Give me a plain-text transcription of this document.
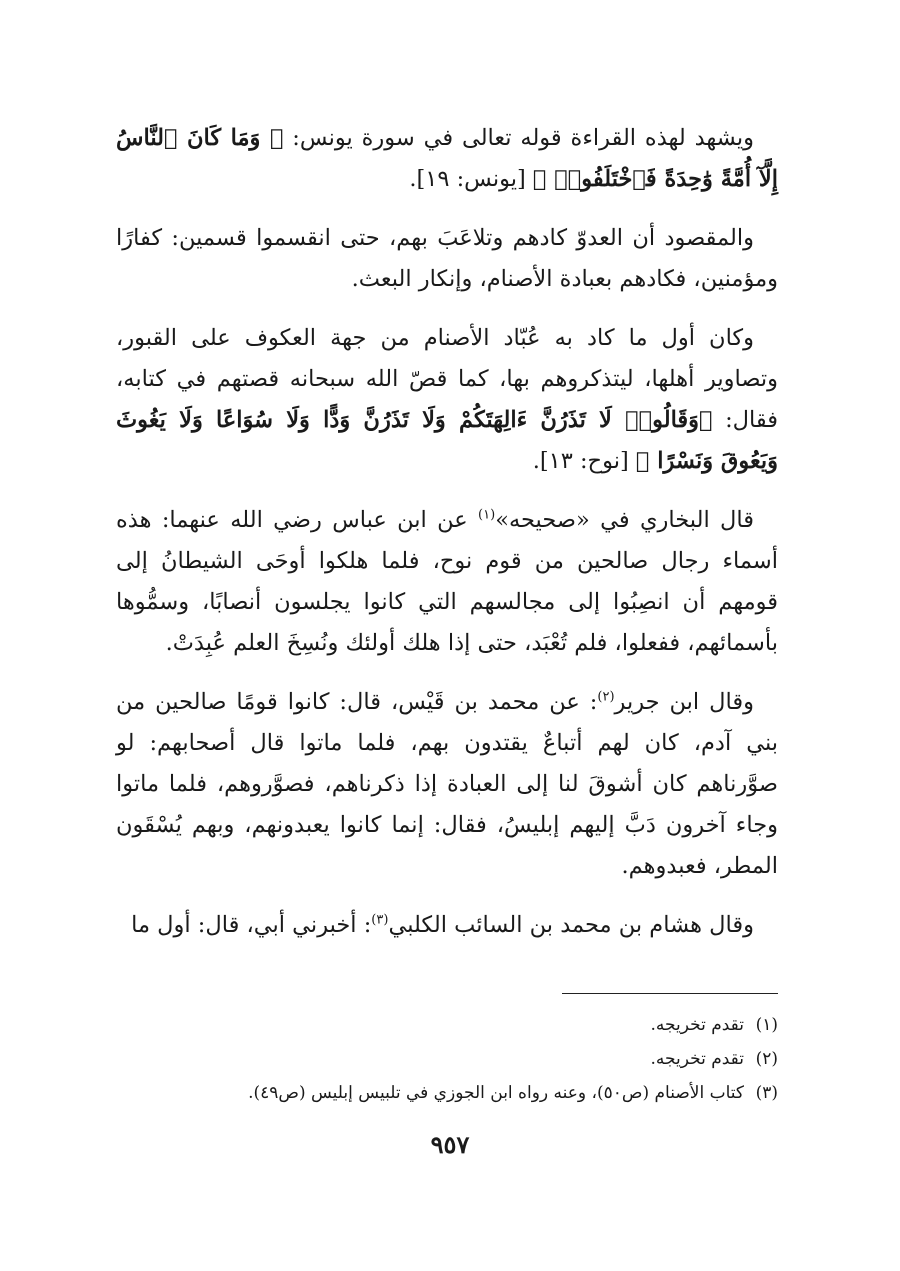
ويشهد لهذه القراءة قوله تعالى في سورة يونس: ﴿ وَمَا كَانَ ٱلنَّاسُ إِلَّآ أُمَّةً وَٰحِدَةً فَٱخْتَلَفُوا۟ ﴾ [يونس: ١٩].

والمقصود أن العدوّ كادهم وتلاعَبَ بهم، حتى انقسموا قسمين: كفارًا ومؤمنين، فكادهم بعبادة الأصنام، وإنكار البعث.

وكان أول ما كاد به عُبّاد الأصنام من جهة العكوف على القبور، وتصاوير أهلها، ليتذكروهم بها، كما قصّ الله سبحانه قصتهم في كتابه، فقال: ﴿وَقَالُوا۟ لَا تَذَرُنَّ ءَالِهَتَكُمْ وَلَا تَذَرُنَّ وَدًّا وَلَا سُوَاعًا وَلَا يَغُوثَ وَيَعُوقَ وَنَسْرًا ﴾ [نوح: ١٣].

قال البخاري في «صحيحه»$^{(١)}$ عن ابن عباس رضي الله عنهما: هذه أسماء رجال صالحين من قوم نوح، فلما هلكوا أوحَى الشيطانُ إلى قومهم أن انصِبُوا إلى مجالسهم التي كانوا يجلسون أنصابًا، وسمُّوها بأسمائهم، ففعلوا، فلم تُعْبَد، حتى إذا هلك أولئك ونُسِخَ العلم عُبِدَتْ.

وقال ابن جرير$^{(٢)}$: عن محمد بن قَيْس، قال: كانوا قومًا صالحين من بني آدم، كان لهم أتباعٌ يقتدون بهم، فلما ماتوا قال أصحابهم: لو صوَّرناهم كان أشوقَ لنا إلى العبادة إذا ذكرناهم، فصوَّروهم، فلما ماتوا وجاء آخرون دَبَّ إليهم إبليسُ، فقال: إنما كانوا يعبدونهم، وبهم يُسْقَون المطر، فعبدوهم.

وقال هشام بن محمد بن السائب الكلبي$^{(٣)}$: أخبرني أبي، قال: أول ما

(١)تقدم تخريجه.

(٢)تقدم تخريجه.

(٣)كتاب الأصنام (ص٥٠)، وعنه رواه ابن الجوزي في تلبيس إبليس (ص٤٩).

٩٥٧
